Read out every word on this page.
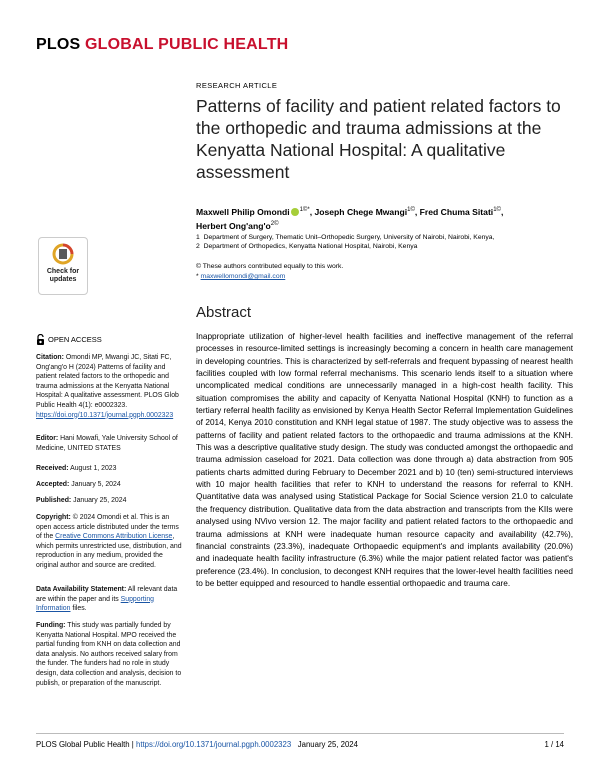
PLOS GLOBAL PUBLIC HEALTH
RESEARCH ARTICLE
Patterns of facility and patient related factors to the orthopedic and trauma admissions at the Kenyatta National Hospital: A qualitative assessment
Maxwell Philip Omondi $^{1©*}$, Joseph Chege Mwangi$^{1©}$, Fred Chuma Sitati$^{1©}$,
Herbert $Ong'ang'o^{2©}$
1 Department of Surgery, Thematic Unit–Orthopedic Surgery, University of Nairobi, Nairobi, Kenya,
2 Department of Orthopedics, Kenyatta National Hospital, Nairobi, Kenya
© These authors contributed equally to this work.
* maxwellomondi@gmail.com
Check for
updates
OPEN ACCESS
Citation: Omondi MP, Mwangi JC, Sitati FC, Ong'ang'o H (2024) Patterns of facility and patient related factors to the orthopedic and trauma admissions at the Kenyatta National Hospital: A qualitative assessment. PLOS Glob Public Health 4(1): e0002323. https://doi.org/10.1371/journal.pgph.0002323
Editor: Hani Mowafi, Yale University School of Medicine, UNITED STATES
Received: August 1, 2023
Accepted: January 5, 2024
Published: January 25, 2024
Copyright: © 2024 Omondi et al. This is an open access article distributed under the terms of the Creative Commons Attribution License, which permits unrestricted use, distribution, and reproduction in any medium, provided the original author and source are credited.
Data Availability Statement: All relevant data are within the paper and its Supporting Information files.
Funding: This study was partially funded by Kenyatta National Hospital. MPO received the partial funding from KNH on data collection and data analysis. No authors received salary from the funder. The funders had no role in study design, data collection and analysis, decision to publish, or preparation of the manuscript.
Abstract
Inappropriate utilization of higher-level health facilities and ineffective management of the referral processes in resource-limited settings is increasingly becoming a concern in health care management in developing countries. This is characterized by self-referrals and frequent bypassing of nearest health facilities coupled with low formal referral mechanisms. This scenario lends itself to a situation where uncomplicated medical conditions are unnecessarily managed in a high-cost health facility. This situation compromises the ability and capacity of Kenyatta National Hospital (KNH) to function as a tertiary referral health facility as envisioned by Kenya Health Sector Referral Implementation Guidelines of 2014, Kenya 2010 constitution and KNH legal statue of 1987. The study objective was to assess the patterns of facility and patient related factors to the orthopaedic and trauma admissions at the KNH. This was a descriptive qualitative study design. The study was conducted amongst the orthopaedic and trauma admission caseload for 2021. Data collection was done through a) data abstraction from 905 patients charts admitted during February to December 2021 and b) 10 (ten) semi-structured interviews with 10 major health facilities that refer to KNH to understand the reasons for referral to KNH. Quantitative data was analysed using Statistical Package for Social Science version 21.0 to calculate the frequency distribution. Qualitative data from the data abstraction and transcripts from the KIIs were analysed using NVivo version 12. The major facility and patient related factors to the orthopaedic and trauma admissions at KNH were inadequate human resource capacity and availability (42.7%), financial constraints (23.3%), inadequate Orthopaedic equipment's and implants availability (20.0%) and inadequate health facility infrastructure (6.3%) while the major patient related factor was patient's preference (23.4%). In conclusion, to decongest KNH requires that the lower-level health facilities need to be better equipped and resourced to handle essential orthopaedic and trauma care.
PLOS Global Public Health | https://doi.org/10.1371/journal.pgph.0002323 January 25, 2024	1 / 14
